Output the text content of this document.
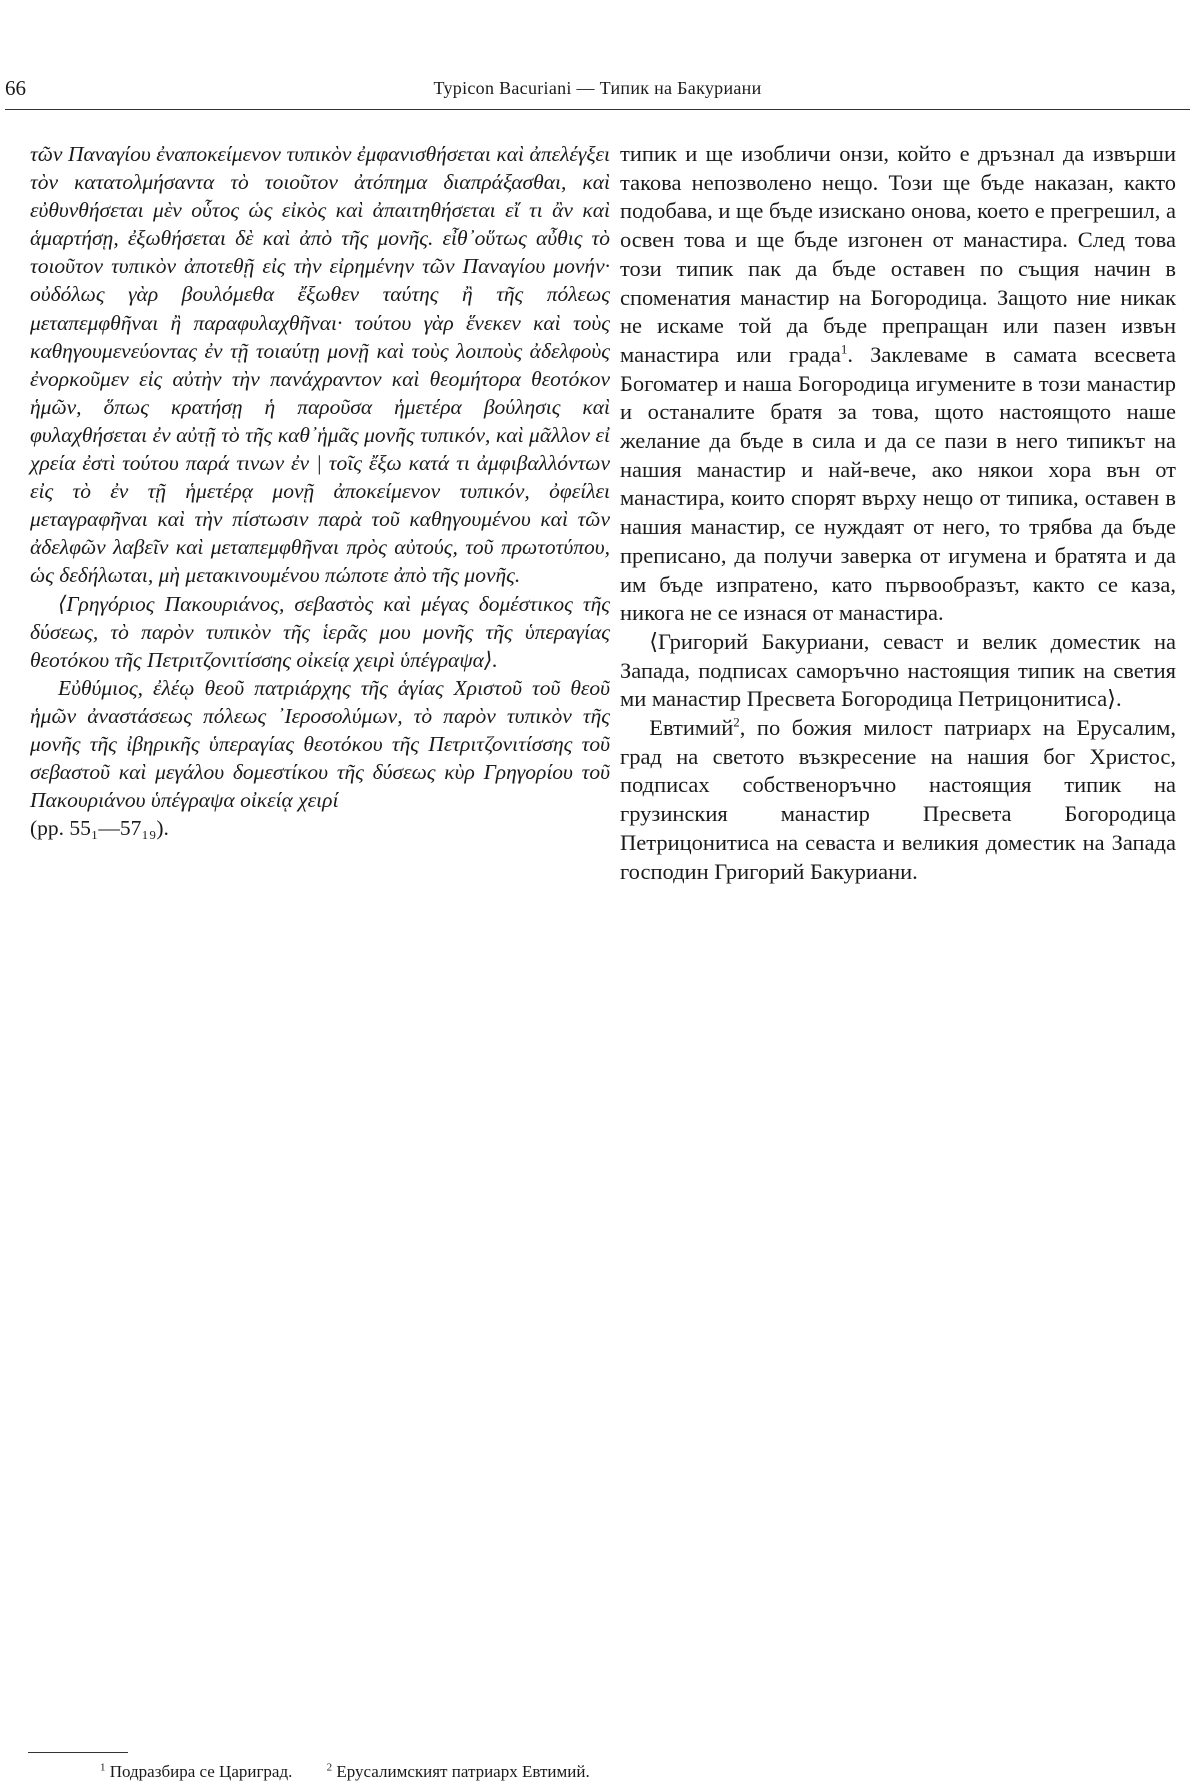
66	Typicon Bacuriani — Типик на Бакуриани

τῶν Παναγίου ἐναποκείμενον τυπικὸν ἐμφανισθήσεται καὶ ἀπελέγξει τὸν κατατολμήσαντα τὸ τοιοῦτον ἀτόπημα διαπράξασθαι, καὶ εὐθυνθήσεται μὲν οὗτος ὡς εἰκὸς καὶ ἀπαιτηθήσεται εἴ τι ἂν καὶ ἁμαρτήσῃ, ἐξωθήσεται δὲ καὶ ἀπὸ τῆς μονῆς. εἶθ᾽οὕτως αὖθις τὸ τοιοῦτον τυπικὸν ἀποτεθῇ εἰς τὴν εἰρημένην τῶν Παναγίου μονήν· οὐδόλως γὰρ βουλόμεθα ἔξωθεν ταύτης ἢ τῆς πόλεως μεταπεμφθῆναι ἢ παραφυλαχθῆναι· τούτου γὰρ ἕνεκεν καὶ τοὺς καθηγουμενεύοντας ἐν τῇ τοιαύτῃ μονῇ καὶ τοὺς λοιποὺς ἀδελφοὺς ἐνορκοῦμεν εἰς αὐτὴν τὴν πανάχραντον καὶ θεομήτορα θεοτόκον ἡμῶν, ὅπως κρατήσῃ ἡ παροῦσα ἡμετέρα βούλησις καὶ φυλαχθήσεται ἐν αὐτῇ τὸ τῆς καθ᾽ἡμᾶς μονῆς τυπικόν, καὶ μᾶλλον εἰ χρεία ἐστὶ τούτου παρά τινων ἐν | τοῖς ἔξω κατά τι ἀμφιβαλλόντων εἰς τὸ ἐν τῇ ἡμετέρᾳ μονῇ ἀποκείμενον τυπικόν, ὀφείλει μεταγραφῆναι καὶ τὴν πίστωσιν παρὰ τοῦ καθηγουμένου καὶ τῶν ἀδελφῶν λαβεῖν καὶ μεταπεμφθῆναι πρὸς αὐτούς, τοῦ πρωτοτύπου, ὡς δεδήλωται, μὴ μετακινουμένου πώποτε ἀπὸ τῆς μονῆς.

⟨Γρηγόριος Πακουριάνος, σεβαστὸς καὶ μέγας δομέστικος τῆς δύσεως, τὸ παρὸν τυπικὸν τῆς ἱερᾶς μου μονῆς τῆς ὑπεραγίας θεοτόκου τῆς Πετριτζονιτίσσης οἰκείᾳ χειρὶ ὑπέγραψα⟩.

Εὐθύμιος, ἐλέῳ θεοῦ πατριάρχης τῆς ἁγίας Χριστοῦ τοῦ θεοῦ ἡμῶν ἀναστάσεως πόλεως ᾿Ιεροσολύμων, τὸ παρὸν τυπικὸν τῆς μονῆς τῆς ἰβηρικῆς ὑπεραγίας θεοτόκου τῆς Πετριτζονιτίσσης τοῦ σεβαστοῦ καὶ μεγάλου δομεστίκου τῆς δύσεως κὺρ Γρηγορίου τοῦ Πακουριάνου ὑπέγραψα οἰκείᾳ χειρί
(pp. 55₁—57₁₉).

типик и ще изобличи онзи, който е дръзнал да извърши такова непозволено нещо. Този ще бъде наказан, както подобава, и ще бъде изискано онова, което е прегрешил, а освен това и ще бъде изгонен от манастира. След това този типик пак да бъде оставен по същия начин в споменатия манастир на Богородица. Защото ние никак не искаме той да бъде препращан или пазен извън манастира или града$^1$. Заклеваме в самата всесвета Богоматер и наша Богородица игумените в този манастир и останалите братя за това, щото настоящото наше желание да бъде в сила и да се пази в него типикът на нашия манастир и най-вече, ако някои хора вън от манастира, които спорят върху нещо от типика, оставен в нашия манастир, се нуждаят от него, то трябва да бъде преписано, да получи заверка от игумена и братята и да им бъде изпратено, като първообразът, както се каза, никога не се изнася от манастира.

⟨Григорий Бакуриани, севаст и велик доместик на Запада, подписах саморъчно настоящия типик на светия ми манастир Пресвета Богородица Петрицонитиса⟩.

Евтимий$^2$, по божия милост патриарх на Ерусалим, град на светото възкресение на нашия бог Христос, подписах собственоръчно настоящия типик на грузинския манастир Пресвета Богородица Петрицонитиса на севаста и великия доместик на Запада господин Григорий Бакуриани.

$^1$ Подразбира се Цариград.	$^2$ Ерусалимският патриарх Евтимий.
